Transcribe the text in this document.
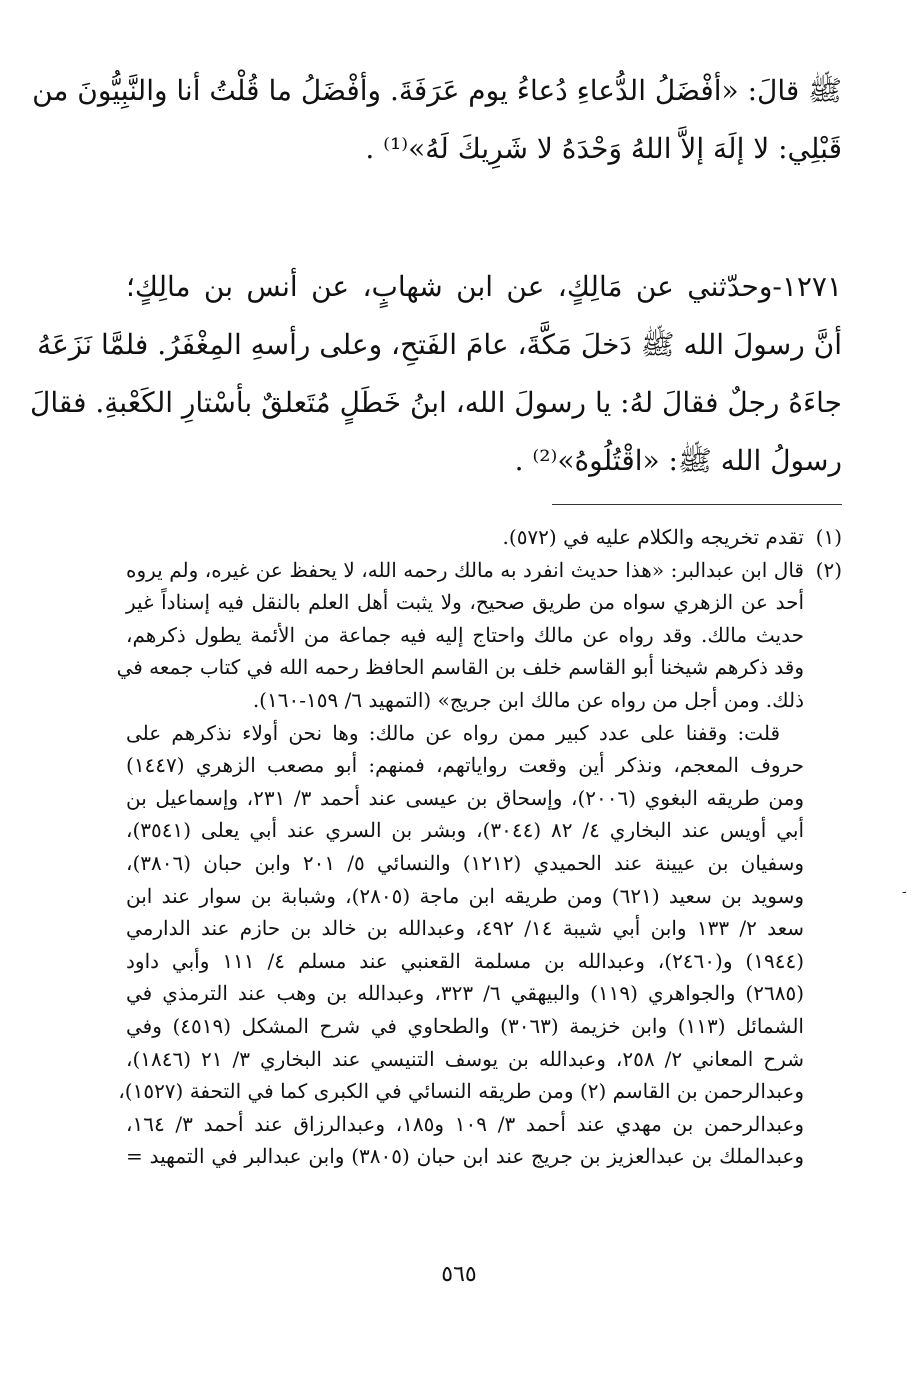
ﷺ قالَ: «أفْضَلُ الدُّعاءِ دُعاءُ يوم عَرَفَةَ. وأفْضَلُ ما قُلْتُ أنا والنَّبِيُّونَ من
قَبْلِي: لا إلَهَ إلاَّ اللهُ وَحْدَهُ لا شَرِيكَ لَهُ»⁽¹⁾ .
١٢٧١-وحدّثني عن مَالِكٍ، عن ابن شهابٍ، عن أنس بن مالِكٍ؛
أنَّ رسولَ الله ﷺ دَخلَ مَكَّةَ، عامَ الفَتحِ، وعلى رأسهِ المِغْفَرُ. فلمَّا نَزَعَهُ
جاءَهُ رجلٌ فقالَ لهُ: يا رسولَ الله، ابنُ خَطَلٍ مُتَعلقٌ بأسْتارِ الكَعْبةِ. فقالَ
رسولُ الله ﷺ: «اقْتُلُوهُ»⁽²⁾ .
(١)تقدم تخريجه والكلام عليه في (٥٧٢).
(٢)قال ابن عبدالبر: «هذا حديث انفرد به مالك رحمه الله، لا يحفظ عن غيره، ولم يروه
أحد عن الزهري سواه من طريق صحيح، ولا يثبت أهل العلم بالنقل فيه إسناداً غير
حديث مالك. وقد رواه عن مالك واحتاج إليه فيه جماعة من الأئمة يطول ذكرهم،
وقد ذكرهم شيخنا أبو القاسم خلف بن القاسم الحافظ رحمه الله في كتاب جمعه في
ذلك. ومن أجل من رواه عن مالك ابن جريج» (التمهيد ٦/ ١٥٩-١٦٠).
قلت: وقفنا على عدد كبير ممن رواه عن مالك: وها نحن أولاء نذكرهم على
حروف المعجم، ونذكر أين وقعت رواياتهم، فمنهم: أبو مصعب الزهري (١٤٤٧)
ومن طريقه البغوي (٢٠٠٦)، وإسحاق بن عيسى عند أحمد ٣/ ٢٣١، وإسماعيل بن
أبي أويس عند البخاري ٤/ ٨٢ (٣٠٤٤)، وبشر بن السري عند أبي يعلى (٣٥٤١)،
وسفيان بن عيينة عند الحميدي (١٢١٢) والنسائي ٥/ ٢٠١ وابن حبان (٣٨٠٦)،
وسويد بن سعيد (٦٢١) ومن طريقه ابن ماجة (٢٨٠٥)، وشبابة بن سوار عند ابن
سعد ٢/ ١٣٣ وابن أبي شيبة ١٤/ ٤٩٢، وعبدالله بن خالد بن حازم عند الدارمي
(١٩٤٤) و(٢٤٦٠)، وعبدالله بن مسلمة القعنبي عند مسلم ٤/ ١١١ وأبي داود
(٢٦٨٥) والجواهري (١١٩) والبيهقي ٦/ ٣٢٣، وعبدالله بن وهب عند الترمذي في
الشمائل (١١٣) وابن خزيمة (٣٠٦٣) والطحاوي في شرح المشكل (٤٥١٩) وفي
شرح المعاني ٢/ ٢٥٨، وعبدالله بن يوسف التنيسي عند البخاري ٣/ ٢١ (١٨٤٦)،
وعبدالرحمن بن القاسم (٢) ومن طريقه النسائي في الكبرى كما في التحفة (١٥٢٧)،
وعبدالرحمن بن مهدي عند أحمد ٣/ ١٠٩ و١٨٥، وعبدالرزاق عند أحمد ٣/ ١٦٤،
وعبدالملك بن عبدالعزيز بن جريج عند ابن حبان (٣٨٠٥) وابن عبدالبر في التمهيد =
-
٥٦٥
